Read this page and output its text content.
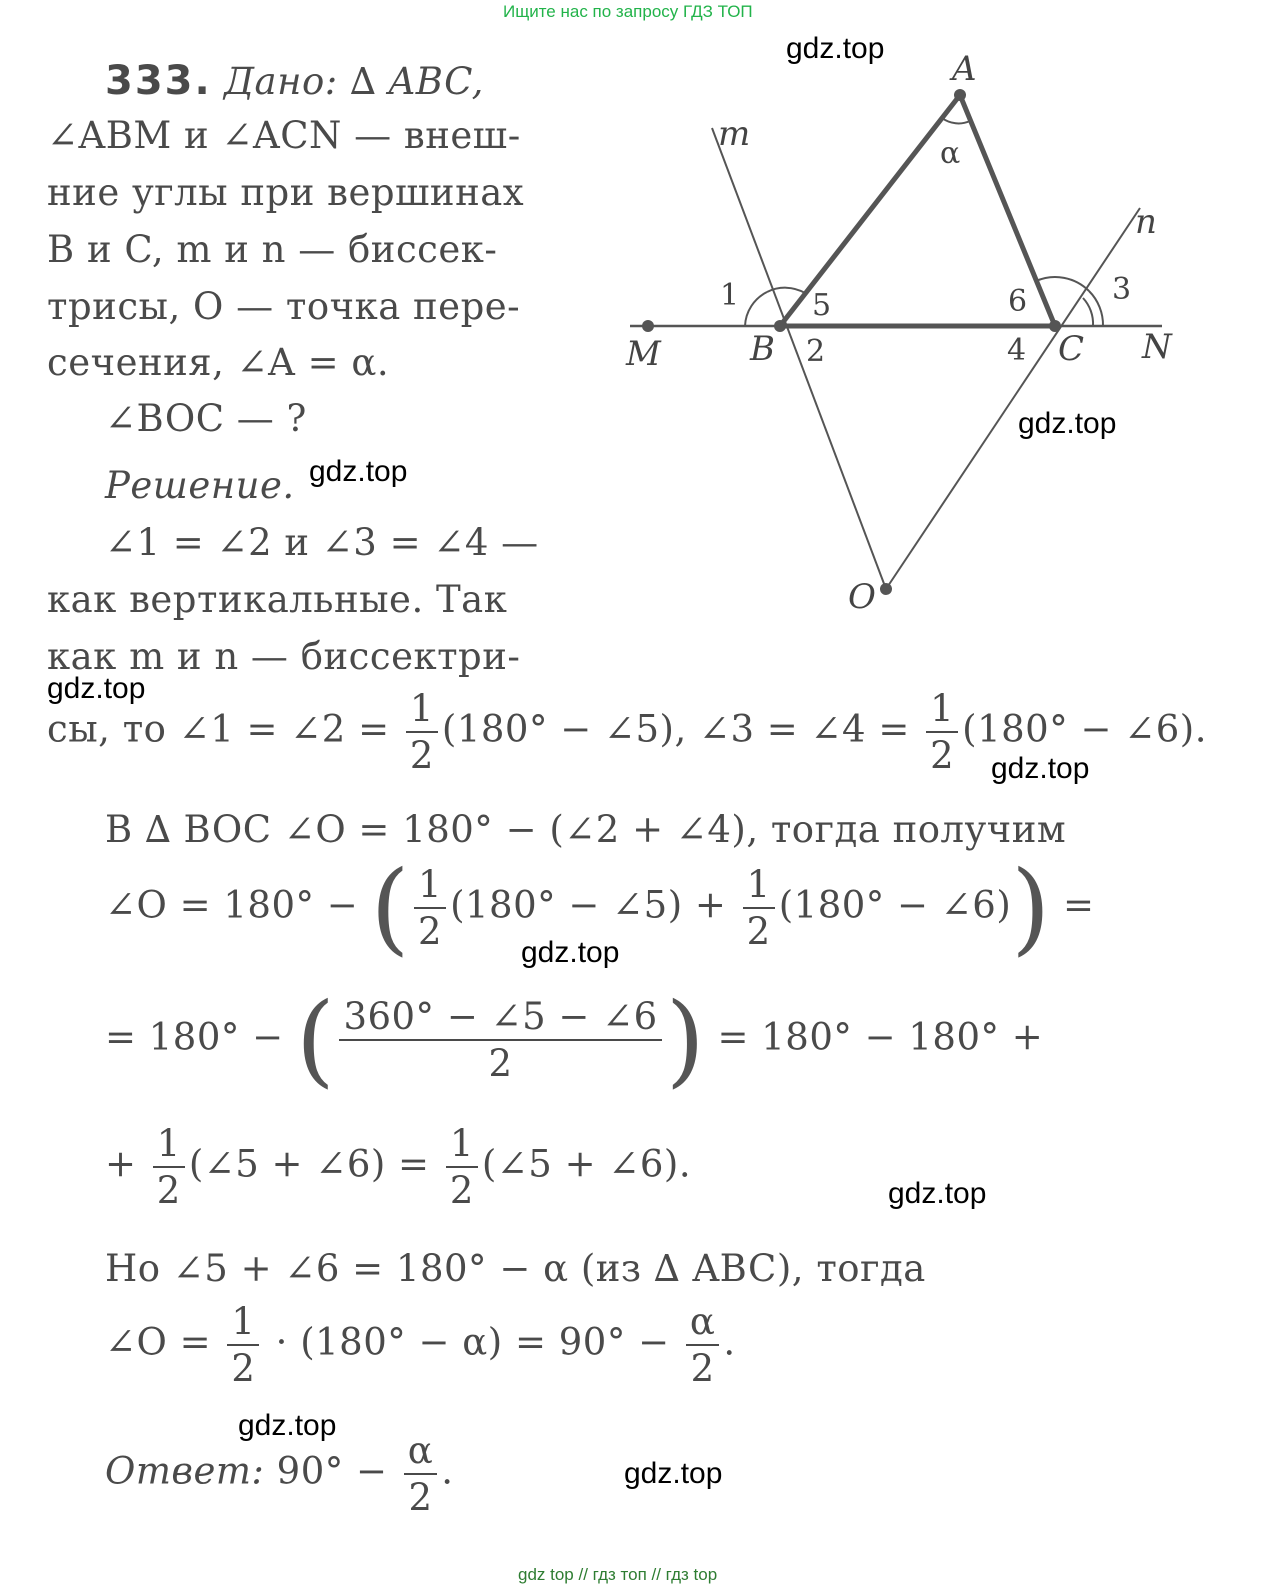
Ищите нас по запросу ГДЗ ТОП
333. Дано: ∆ ABC,
∠ABM и ∠ACN — внеш-
ние углы при вершинах
B и C, m и n — биссек-
трисы, O — точка пере-
сечения, ∠A = α.
∠BOC — ?
Решение.
∠1 = ∠2 и ∠3 = ∠4 —
как вертикальные. Так
как m и n — биссектри-
сы, то ∠1 = ∠2 = $\frac{1}{2} (180^\circ$ − ∠5), ∠3 = ∠4 = $\frac{1}{2} (180^\circ$ − ∠6).
В ∆ BOC ∠O = 180° − (∠2 + ∠4), тогда получим
∠O = 180° − ( $\frac{1}{2} (180^\circ$ − ∠5) + $\frac{1}{2} (180^\circ$ − ∠6)) =
= 180° − ( $\frac{360^\circ - \angle 5 - \angle 6}{2}$ ) = 180° − 180° +
+ $\frac{1}{2}$ (∠5 + ∠6) = $\frac{1}{2}$ (∠5 + ∠6).
Но ∠5 + ∠6 = 180° − α (из ∆ ABC), тогда
∠O = $\frac{1}{2} \cdot (180^\circ - \alpha) = 90^\circ - \frac{\alpha}{2}$ .
Ответ: $90^\circ - \frac{\alpha}{2}$ .
A
B	C
M	N
O
m
n
1
2
3
4
5	6
α
gdz.top
gdz.top
gdz.top
gdz.top
gdz.top
gdz.top
gdz.top
gdz.top
gdz.top
gdz top // гдз топ // гдз top
